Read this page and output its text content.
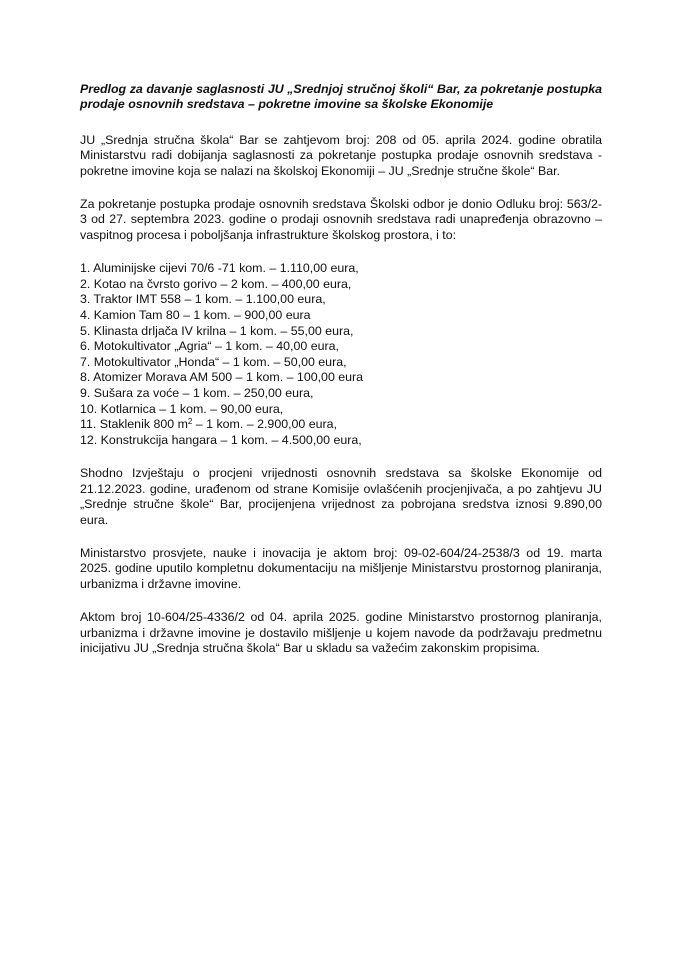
Predlog za davanje saglasnosti JU „Srednjoj stručnoj školi“ Bar, za pokretanje postupka prodaje osnovnih sredstava – pokretne imovine sa školske Ekonomije

JU „Srednja stručna škola“ Bar se zahtjevom broj: 208 od 05. aprila 2024. godine obratila Ministarstvu radi dobijanja saglasnosti za pokretanje postupka prodaje osnovnih sredstava - pokretne imovine koja se nalazi na školskoj Ekonomiji – JU „Srednje stručne škole“ Bar.

Za pokretanje postupka prodaje osnovnih sredstava Školski odbor je donio Odluku broj: 563/2-3 od 27. septembra 2023. godine o prodaji osnovnih sredstava radi unapređenja obrazovno – vaspitnog procesa i poboljšanja infrastrukture školskog prostora, i to:

1. Aluminijske cijevi 70/6 -71 kom. – 1.110,00 eura,
2. Kotao na čvrsto gorivo – 2 kom. – 400,00 eura,
3. Traktor IMT 558 – 1 kom. – 1.100,00 eura,
4. Kamion Tam 80 – 1 kom. – 900,00 eura
5. Klinasta drljača IV krilna – 1 kom. – 55,00 eura,
6. Motokultivator „Agria“ – 1 kom. – 40,00 eura,
7. Motokultivator „Honda“ – 1 kom. – 50,00 eura,
8. Atomizer Morava AM 500 – 1 kom. – 100,00 eura
9. Sušara za voće – 1 kom. – 250,00 eura,
10. Kotlarnica – 1 kom. – 90,00 eura,
11. Staklenik 800 $m^2 - 1$ kom. – 2.900,00 eura,
12. Konstrukcija hangara – 1 kom. – 4.500,00 eura,

Shodno Izvještaju o procjeni vrijednosti osnovnih sredstava sa školske Ekonomije od 21.12.2023. godine, urađenom od strane Komisije ovlašćenih procjenjivača, a po zahtjevu JU „Srednje stručne škole“ Bar, procijenjena vrijednost za pobrojana sredstva iznosi 9.890,00 eura.

Ministarstvo prosvjete, nauke i inovacija je aktom broj: 09-02-604/24-2538/3 od 19. marta 2025. godine uputilo kompletnu dokumentaciju na mišljenje Ministarstvu prostornog planiranja, urbanizma i državne imovine.

Aktom broj 10-604/25-4336/2 od 04. aprila 2025. godine Ministarstvo prostornog planiranja, urbanizma i državne imovine je dostavilo mišljenje u kojem navode da podržavaju predmetnu inicijativu JU „Srednja stručna škola“ Bar u skladu sa važećim zakonskim propisima.
